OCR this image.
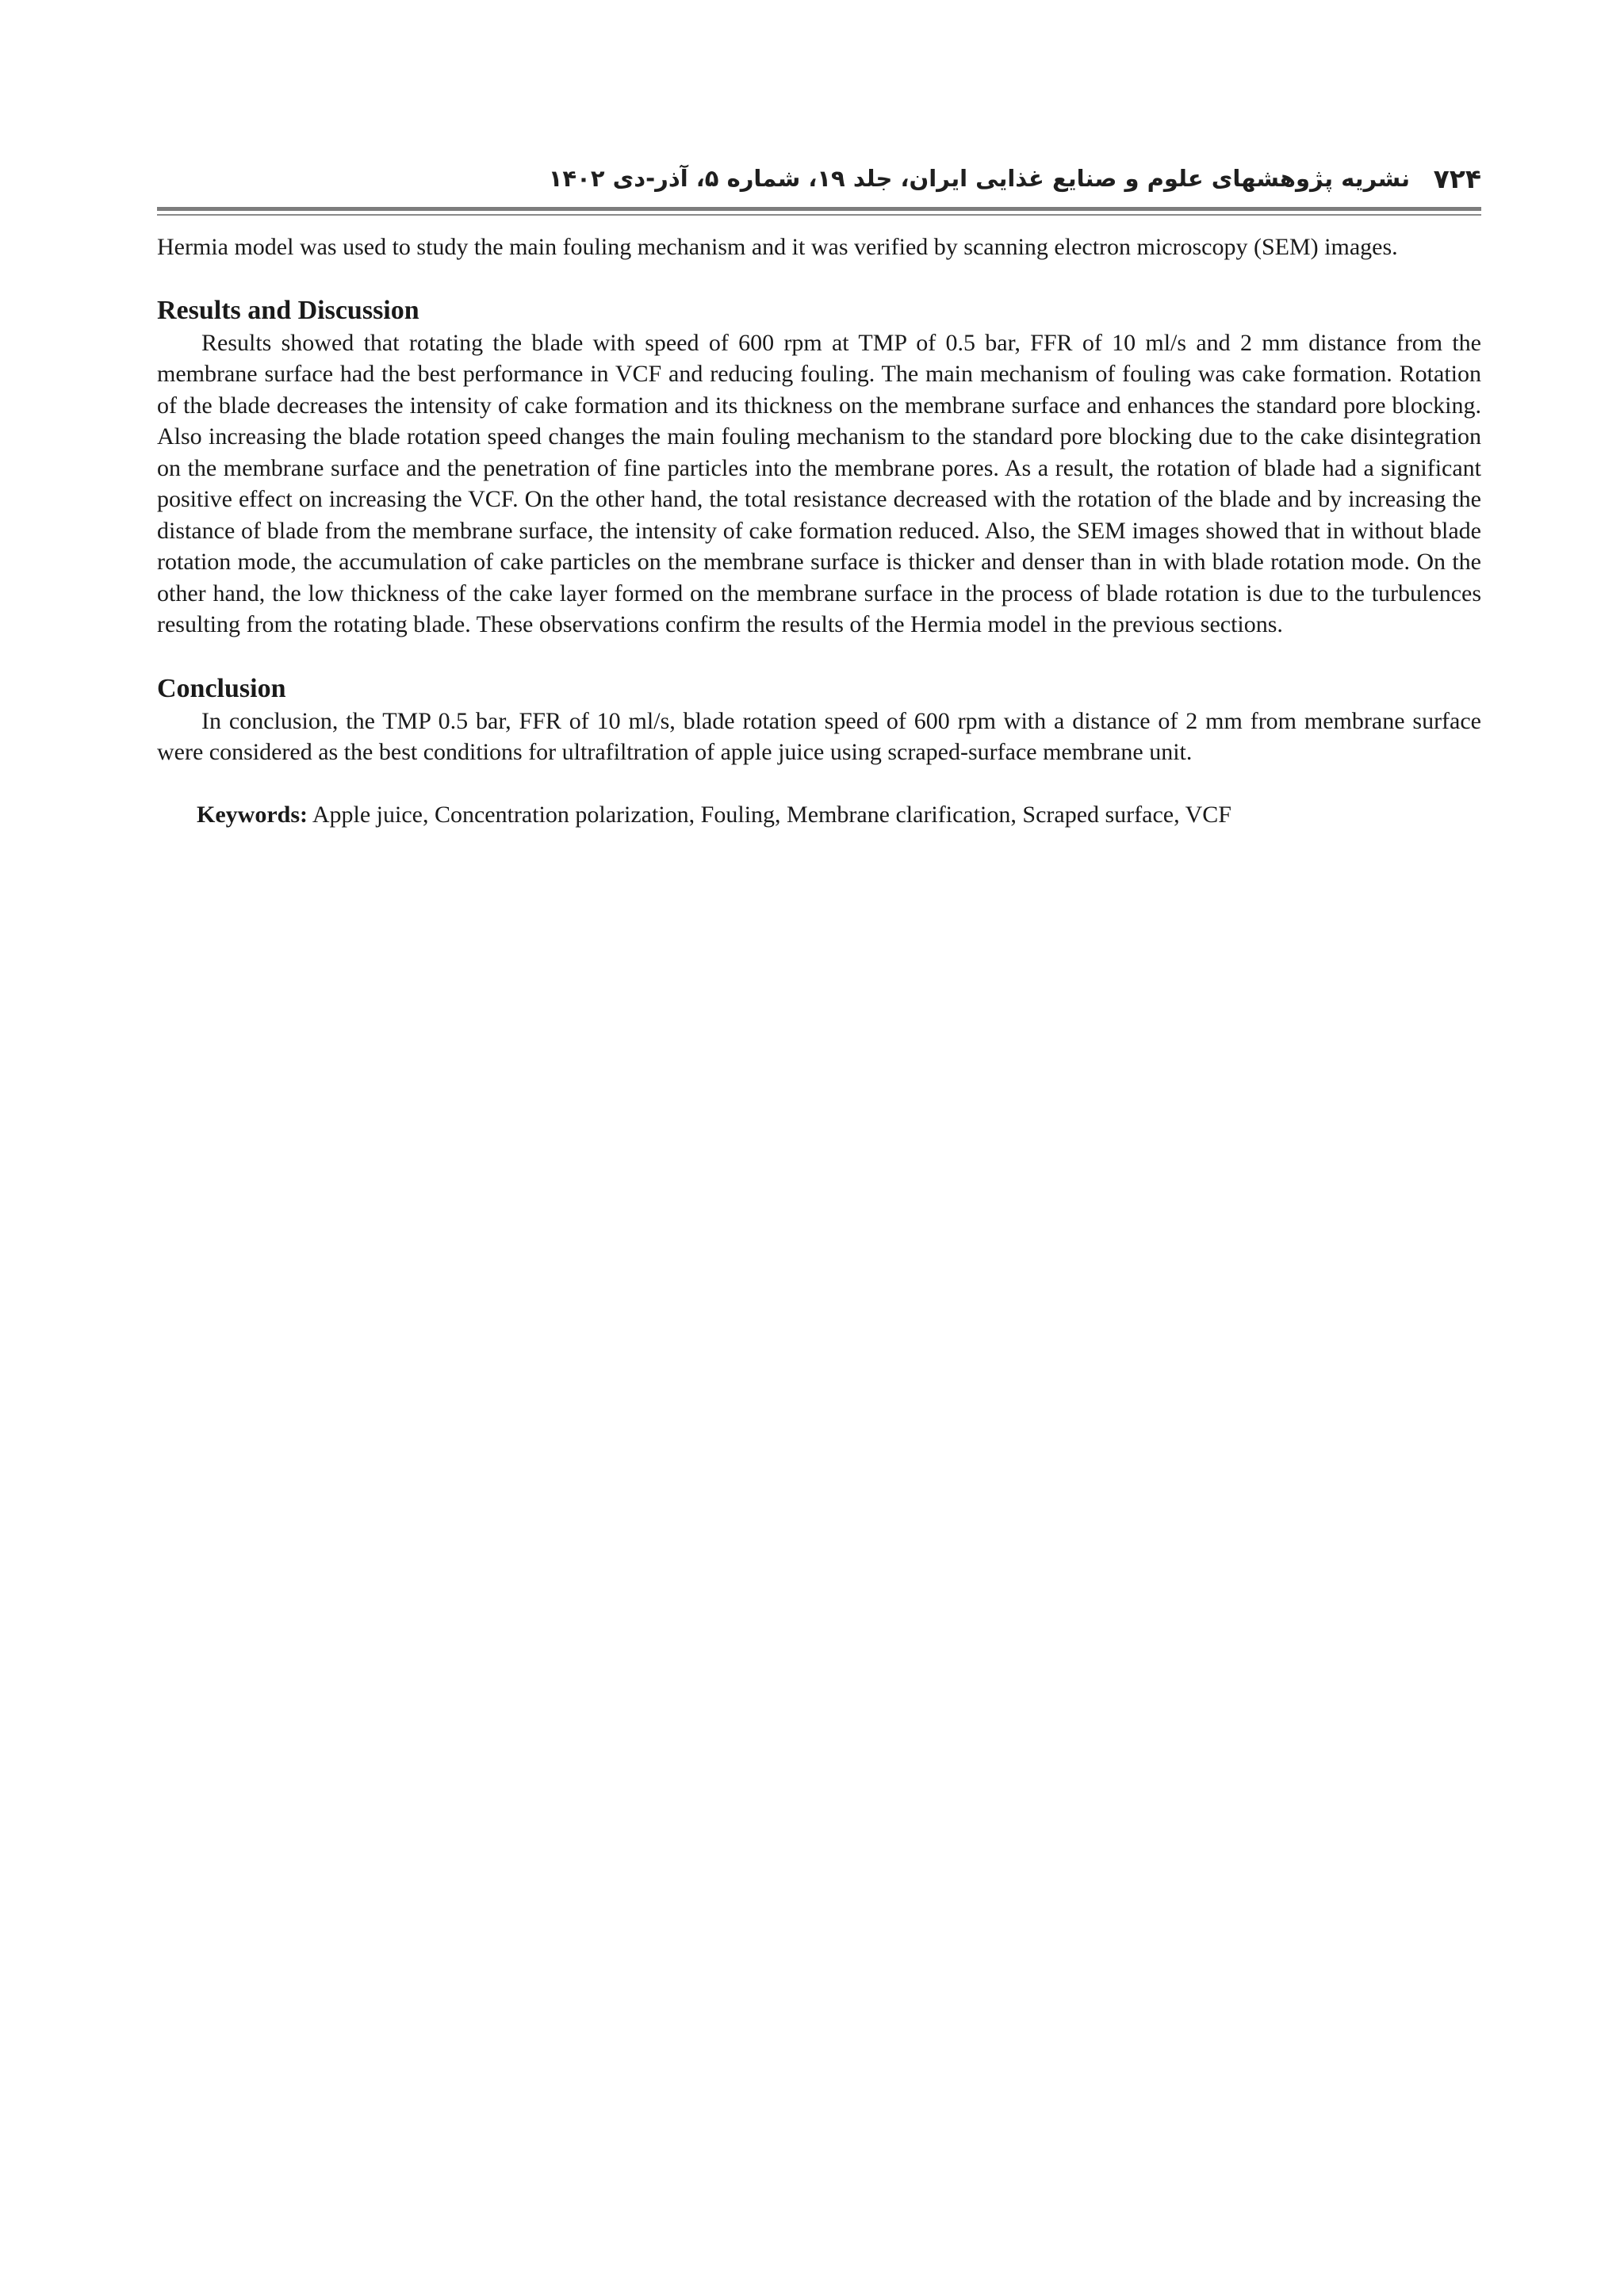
۷۲۴
نشریه پژوهشهای علوم و صنایع غذایی ایران، جلد ۱۹، شماره ۵، آذر-دی ۱۴۰۲

Hermia model was used to study the main fouling mechanism and it was verified by scanning electron microscopy (SEM) images.

Results and Discussion

Results showed that rotating the blade with speed of 600 rpm at TMP of 0.5 bar, FFR of 10 ml/s and 2 mm distance from the membrane surface had the best performance in VCF and reducing fouling. The main mechanism of fouling was cake formation. Rotation of the blade decreases the intensity of cake formation and its thickness on the membrane surface and enhances the standard pore blocking. Also increasing the blade rotation speed changes the main fouling mechanism to the standard pore blocking due to the cake disintegration on the membrane surface and the penetration of fine particles into the membrane pores. As a result, the rotation of blade had a significant positive effect on increasing the VCF. On the other hand, the total resistance decreased with the rotation of the blade and by increasing the distance of blade from the membrane surface, the intensity of cake formation reduced. Also, the SEM images showed that in without blade rotation mode, the accumulation of cake particles on the membrane surface is thicker and denser than in with blade rotation mode. On the other hand, the low thickness of the cake layer formed on the membrane surface in the process of blade rotation is due to the turbulences resulting from the rotating blade. These observations confirm the results of the Hermia model in the previous sections.

Conclusion

In conclusion, the TMP 0.5 bar, FFR of 10 ml/s, blade rotation speed of 600 rpm with a distance of 2 mm from membrane surface were considered as the best conditions for ultrafiltration of apple juice using scraped-surface membrane unit.

Keywords: Apple juice, Concentration polarization, Fouling, Membrane clarification, Scraped surface, VCF
